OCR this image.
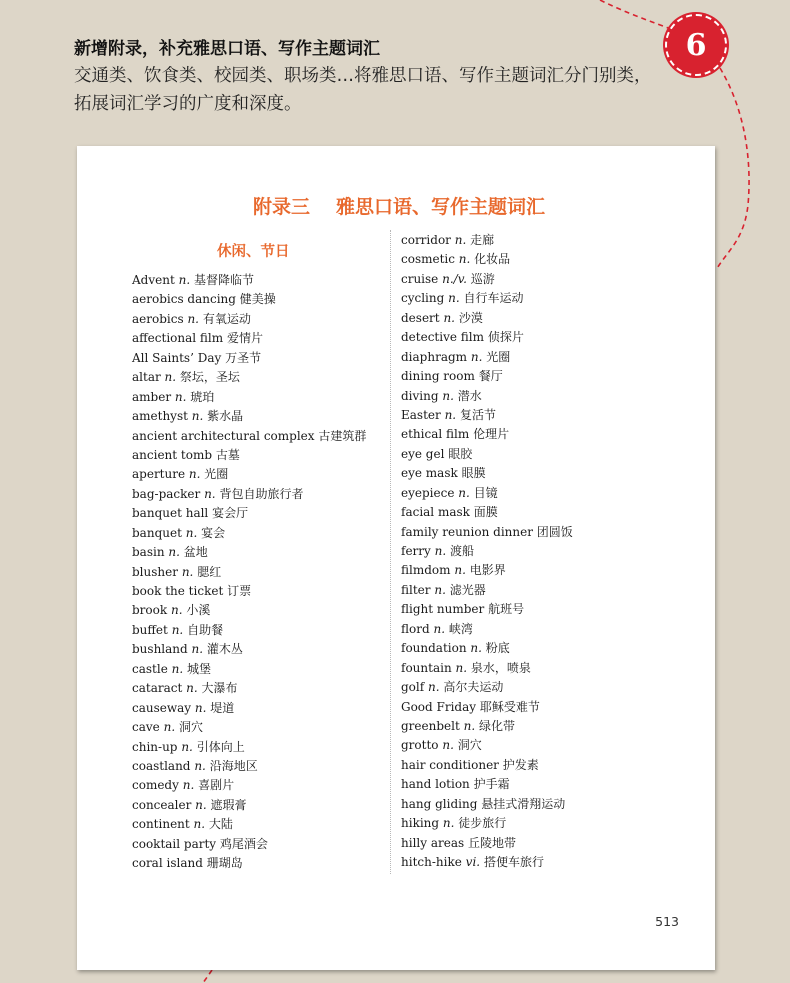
6
新增附录，补充雅思口语、写作主题词汇

交通类、饮食类、校园类、职场类…将雅思口语、写作主题词汇分门别类，拓展词汇学习的广度和深度。

附录三 雅思口语、写作主题词汇
休闲、节日
Advent n. 基督降临节
aerobics dancing 健美操
aerobics n. 有氧运动
affectional film 爱情片
All Saints’ Day 万圣节
altar n. 祭坛，圣坛
amber n. 琥珀
amethyst n. 紫水晶
ancient architectural complex 古建筑群
ancient tomb 古墓
aperture n. 光圈
bag-packer n. 背包自助旅行者
banquet hall 宴会厅
banquet n. 宴会
basin n. 盆地
blusher n. 腮红
book the ticket 订票
brook n. 小溪
buffet n. 自助餐
bushland n. 灌木丛
castle n. 城堡
cataract n. 大瀑布
causeway n. 堤道
cave n. 洞穴
chin-up n. 引体向上
coastland n. 沿海地区
comedy n. 喜剧片
concealer n. 遮瑕膏
continent n. 大陆
cooktail party 鸡尾酒会
coral island 珊瑚岛
corridor n. 走廊
cosmetic n. 化妆品
cruise n./v. 巡游
cycling n. 自行车运动
desert n. 沙漠
detective film 侦探片
diaphragm n. 光圈
dining room 餐厅
diving n. 潜水
Easter n. 复活节
ethical film 伦理片
eye gel 眼胶
eye mask 眼膜
eyepiece n. 目镜
facial mask 面膜
family reunion dinner 团圆饭
ferry n. 渡船
filmdom n. 电影界
filter n. 滤光器
flight number 航班号
flord n. 峡湾
foundation n. 粉底
fountain n. 泉水，喷泉
golf n. 高尔夫运动
Good Friday 耶稣受难节
greenbelt n. 绿化带
grotto n. 洞穴
hair conditioner 护发素
hand lotion 护手霜
hang gliding 悬挂式滑翔运动
hiking n. 徒步旅行
hilly areas 丘陵地带
hitch-hike vi. 搭便车旅行
513
